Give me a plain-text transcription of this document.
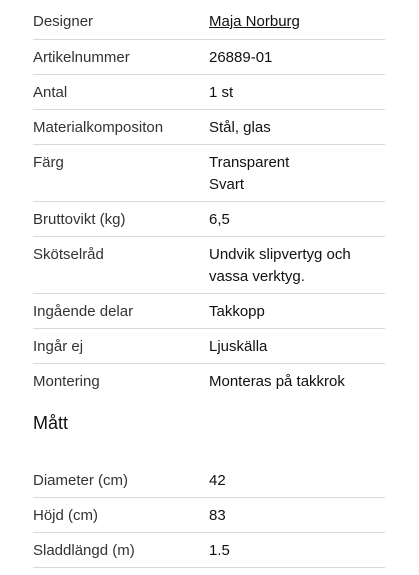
Designer	Maja Norburg
Artikelnummer	26889-01
Antal	1 st
Materialkompositon	Stål, glas
Färg	Transparent
Svart
Bruttovikt (kg)	6,5
Skötselråd	Undvik slipvertyg och
vassa verktyg.
Ingående delar	Takkopp
Ingår ej	Ljuskälla
Montering	Monteras på takkrok
Mått
Diameter (cm)	42
Höjd (cm)	83
Sladdlängd (m)	1.5
